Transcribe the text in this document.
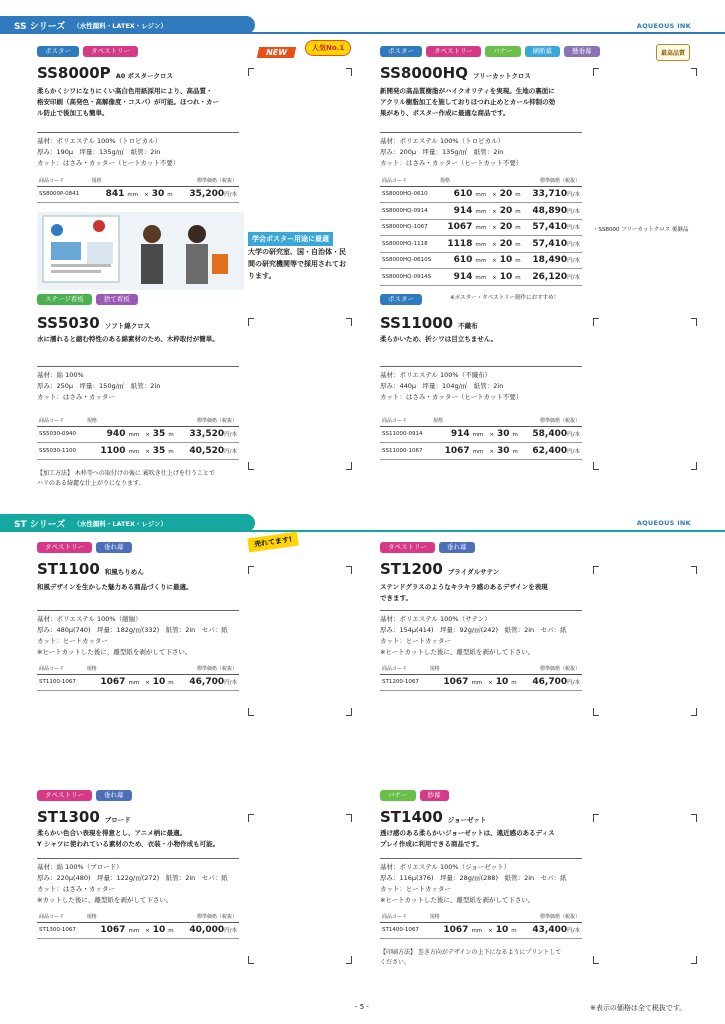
SS シリーズ （水性顔料・LATEX・レジン）	AQUEOUS INK
ST シリーズ （水性顔料・LATEX・レジン）	AQUEOUS INK
NEW	人気No.1
最高品質
売れてます!
ポスター	タペストリー
SS8000P A0 ポスタークロス
柔らかくシワになりにくい高白色用紙採用により、高品質・
格安印刷（高発色・高解像度・コスパ）が可能。ほつれ・カー
ル防止で後加工も簡単。
基材：ポリエステル 100%（トロピカル）
厚み：190μ　坪量：135g/㎡　紙管：2in
カット：はさみ・カッター（ヒートカット不要）
商品コード	規格	標準価格（税抜）
SS8000P-0841	841 mm × 30 m	35,200円/本
ポスター	タペストリー	バナー	横断幕	懸垂幕
SS8000HQ フリーカットクロス
新開発の高品質樹脂がハイクオリティを実現。生地の裏面に
アクリル樹脂加工を施しておりほつれ止めとカール抑制の効
果があり、ポスター作成に最適な商品です。
基材：ポリエステル 100%（トロピカル）
厚み：200μ　坪量：135g/㎡　紙管：2in
カット：はさみ・カッター（ヒートカット不要）
商品コード	規格	標準価格（税抜）
SS8000HQ-0610	610 mm × 20 m	33,710円/本
SS8000HQ-0914	914 mm × 20 m	48,890円/本
SS8000HQ-1067	1067 mm × 20 m	57,410円/本
SS8000HQ-1118	1118 mm × 20 m	57,410円/本
SS8000HQ-0610S	610 mm × 10 m	18,490円/本
SS8000HQ-0914S	914 mm × 10 m	26,120円/本
※ポスター・タペストリー制作におすすめ！
ステージ看板	捨て看板
SS5030 ソフト綿クロス
水に濡れると縮む特性のある綿素材のため、木枠取付が簡単。
基材：綿 100%
厚み：250μ　坪量：150g/㎡　紙管：2in
カット：はさみ・カッター
商品コード	規格	標準価格（税抜）
SS5030-0940	940 mm × 35 m	33,520円/本
SS5030-1100	1100 mm × 35 m	40,520円/本
【加工方法】 木枠等への取付けの後に 霧吹き仕上げを行うことで
ハリのある綺麗な仕上がりになります。
ポスター
SS11000 不織布
柔らかいため、折シワは目立ちません。
基材：ポリエステル 100%（不織布）
厚み：440μ　坪量：104g/㎡　紙管：2in
カット：はさみ・カッター（ヒートカット不要）
商品コード	規格	標準価格（税抜）
SS11000-0914	914 mm × 30 m	58,400円/本
SS11000-1067	1067 mm × 30 m	62,400円/本
タペストリー	垂れ幕
ST1100 和風ちりめん
和風デザインを生かした魅力ある商品づくりに最適。
基材：ポリエステル 100%（縮緬）
厚み：480μ(740)　坪量：182g/㎡(332)　紙管：2in　セパ：紙
カット：ヒートカッター
※ヒートカットした後に、離型紙を剥がして下さい。
商品コード	規格	標準価格（税抜）
ST1100-1067	1067 mm × 10 m	46,700円/本
タペストリー	垂れ幕
ST1200 ブライダルサテン
ステンドグラスのようなキラキラ感のあるデザインを表現
できます。
基材：ポリエステル 100%（サテン）
厚み：154μ(414)　坪量：92g/㎡(242)　紙管：2in　セパ：紙
カット：ヒートカッター
※ヒートカットした後に、離型紙を剥がして下さい。
商品コード	規格	標準価格（税抜）
ST1200-1067	1067 mm × 10 m	46,700円/本
タペストリー	垂れ幕
ST1300 ブロード
柔らかい色合い表現を得意とし、アニメ柄に最適。
Y シャツに使われている素材のため、衣装・小物作成も可能。
基材：綿 100%（ブロード）
厚み：220μ(480)　坪量：122g/㎡(272)　紙管：2in　セパ：紙
カット：はさみ・カッター
※カットした後に、離型紙を剥がして下さい。
商品コード	規格	標準価格（税抜）
ST1300-1067	1067 mm × 10 m	40,000円/本
バナー	紗幕
ST1400 ジョーゼット
透け感のある柔らかいジョーゼットは、遠近感のあるディス
プレイ作成に利用できる商品です。
基材：ポリエステル 100%（ジョーゼット）
厚み：116μ(376)　坪量：28g/㎡(288)　紙管：2in　セパ：紙
カット：ヒートカッター
※ヒートカットした後に、離型紙を剥がして下さい。
商品コード	規格	標準価格（税抜）
ST1400-1067	1067 mm × 10 m	43,400円/本
【印刷方法】 巻き方向がデザインの上下になるようにプリントして
ください。
学会ポスター用途に最適
大学の研究室、国・自治体・民間の研究機関等で採用されております。
・SS8000 フリーカットクロス 後継品
- 5 -	※表示の価格は全て税抜です。
